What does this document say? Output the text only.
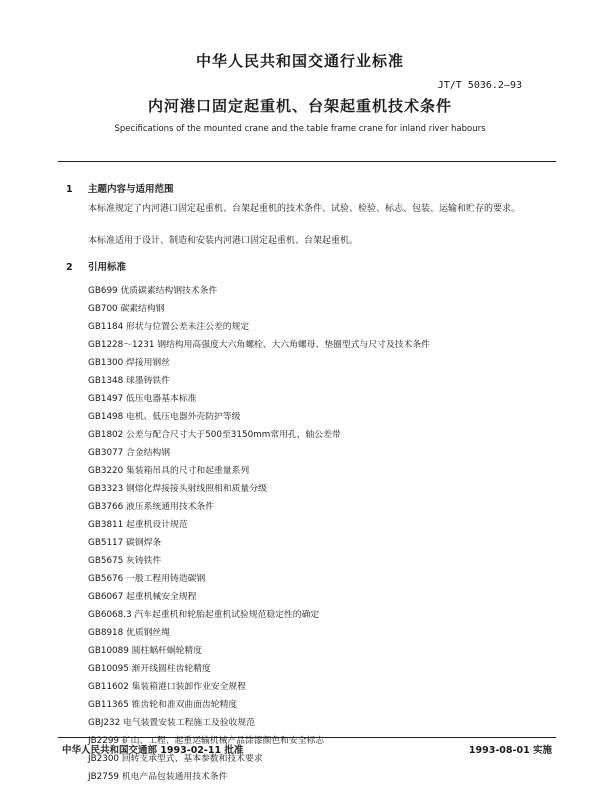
中华人民共和国交通行业标准
JT/T 5036.2—93
内河港口固定起重机、台架起重机技术条件
Specifications of the mounted crane and the table frame crane for inland river habours
1 主题内容与适用范围
本标准规定了内河港口固定起重机、台架起重机的技术条件、试验、检验、标志、包装、运输和贮存的要求。
本标准适用于设计、制造和安装内河港口固定起重机、台架起重机。
2 引用标准
GB699 优质碳素结构钢技术条件
GB700 碳素结构钢
GB1184 形状与位置公差未注公差的规定
GB1228～1231 钢结构用高强度大六角螺栓、大六角螺母、垫圈型式与尺寸及技术条件
GB1300 焊接用钢丝
GB1348 球墨铸铁件
GB1497 低压电器基本标准
GB1498 电机、低压电器外壳防护等级
GB1802 公差与配合尺寸大于500至3150mm常用孔，轴公差带
GB3077 合金结构钢
GB3220 集装箱吊具的尺寸和起重量系列
GB3323 钢熔化焊接接头射线照相和质量分级
GB3766 液压系统通用技术条件
GB3811 起重机设计规范
GB5117 碳钢焊条
GB5675 灰铸铁件
GB5676 一般工程用铸造碳钢
GB6067 起重机械安全规程
GB6068.3 汽车起重机和轮胎起重机试验规范稳定性的确定
GB8918 优质钢丝绳
GB10089 圆柱蜗杆蜗轮精度
GB10095 渐开线圆柱齿轮精度
GB11602 集装箱港口装卸作业安全规程
GB11365 锥齿轮和准双曲面齿轮精度
GBJ232 电气装置安装工程施工及验收规范
JB2299 矿山、工程、起重运输机械产品涂漆颜色和安全标志
JB2300 回转支承型式、基本参数和技术要求
JB2759 机电产品包装通用技术条件
中华人民共和国交通部 1993-02-11 批准	1993-08-01 实施
